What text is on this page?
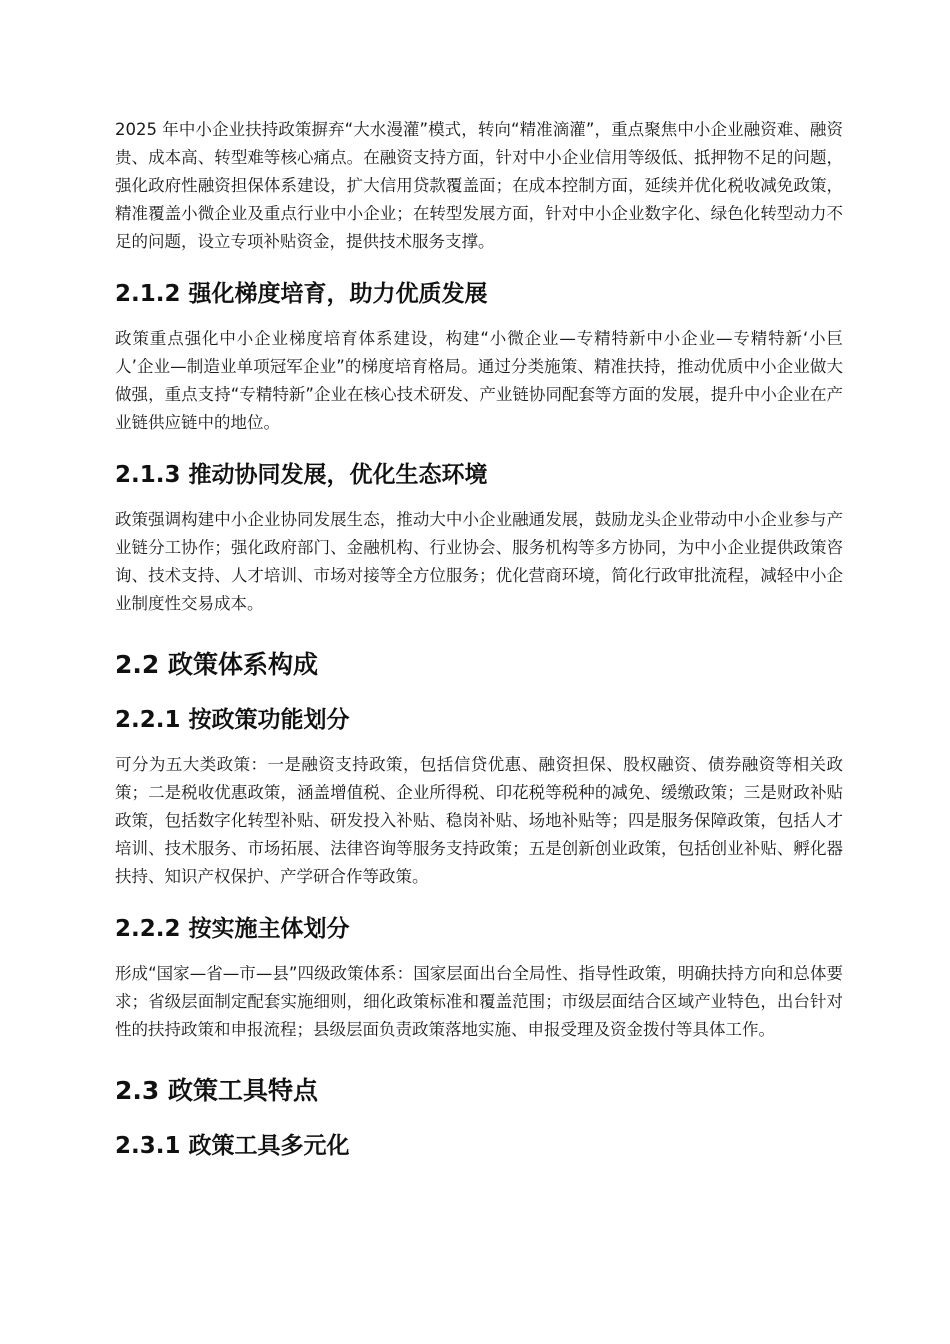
2025 年中小企业扶持政策摒弃“大水漫灌”模式，转向“精准滴灌”，重点聚焦中小企业融资难、融资贵、成本高、转型难等核心痛点。在融资支持方面，针对中小企业信用等级低、抵押物不足的问题，强化政府性融资担保体系建设，扩大信用贷款覆盖面；在成本控制方面，延续并优化税收减免政策，精准覆盖小微企业及重点行业中小企业；在转型发展方面，针对中小企业数字化、绿色化转型动力不足的问题，设立专项补贴资金，提供技术服务支撑。

2.1.2 强化梯度培育，助力优质发展

政策重点强化中小企业梯度培育体系建设，构建“小微企业—专精特新中小企业—专精特新‘小巨人’企业—制造业单项冠军企业”的梯度培育格局。通过分类施策、精准扶持，推动优质中小企业做大做强，重点支持“专精特新”企业在核心技术研发、产业链协同配套等方面的发展，提升中小企业在产业链供应链中的地位。

2.1.3 推动协同发展，优化生态环境

政策强调构建中小企业协同发展生态，推动大中小企业融通发展，鼓励龙头企业带动中小企业参与产业链分工协作；强化政府部门、金融机构、行业协会、服务机构等多方协同，为中小企业提供政策咨询、技术支持、人才培训、市场对接等全方位服务；优化营商环境，简化行政审批流程，减轻中小企业制度性交易成本。

2.2 政策体系构成
2.2.1 按政策功能划分

可分为五大类政策：一是融资支持政策，包括信贷优惠、融资担保、股权融资、债券融资等相关政策；二是税收优惠政策，涵盖增值税、企业所得税、印花税等税种的减免、缓缴政策；三是财政补贴政策，包括数字化转型补贴、研发投入补贴、稳岗补贴、场地补贴等；四是服务保障政策，包括人才培训、技术服务、市场拓展、法律咨询等服务支持政策；五是创新创业政策，包括创业补贴、孵化器扶持、知识产权保护、产学研合作等政策。

2.2.2 按实施主体划分

形成“国家—省—市—县”四级政策体系：国家层面出台全局性、指导性政策，明确扶持方向和总体要求；省级层面制定配套实施细则，细化政策标准和覆盖范围；市级层面结合区域产业特色，出台针对性的扶持政策和申报流程；县级层面负责政策落地实施、申报受理及资金拨付等具体工作。

2.3 政策工具特点
2.3.1 政策工具多元化
